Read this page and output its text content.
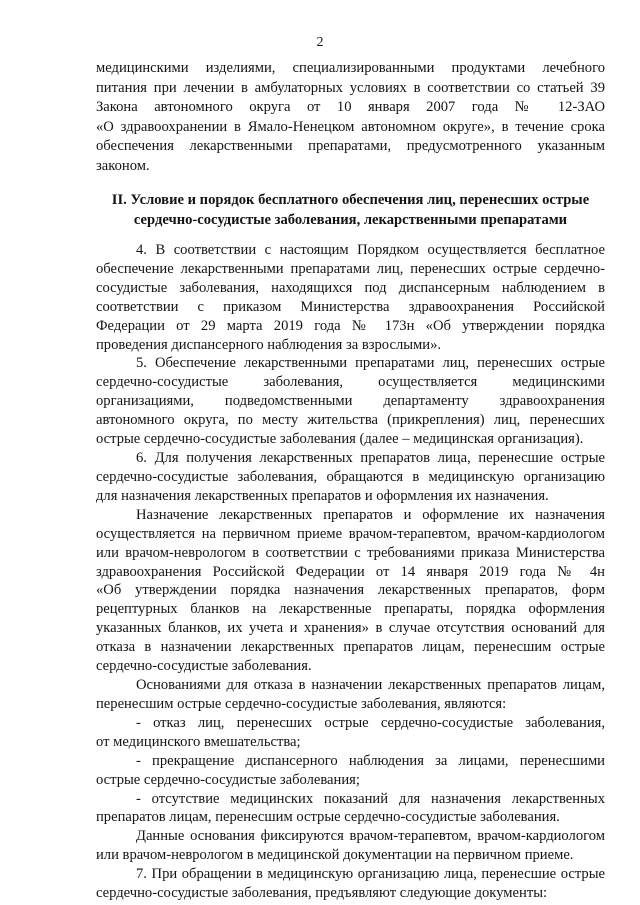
2
медицинскими изделиями, специализированными продуктами лечебного
питания при лечении в амбулаторных условиях в соответствии со статьей 39
Закона автономного округа от 10 января 2007 года № 12-ЗАО
«О здравоохранении в Ямало-Ненецком автономном округе», в течение срока
обеспечения лекарственными препаратами, предусмотренного указанным
законом.
II. Условие и порядок бесплатного обеспечения лиц, перенесших острые
сердечно-сосудистые заболевания, лекарственными препаратами
4. В соответствии с настоящим Порядком осуществляется бесплатное
обеспечение лекарственными препаратами лиц, перенесших острые сердечно-
сосудистые заболевания, находящихся под диспансерным наблюдением в
соответствии с приказом Министерства здравоохранения Российской
Федерации от 29 марта 2019 года № 173н «Об утверждении порядка
проведения диспансерного наблюдения за взрослыми».
5. Обеспечение лекарственными препаратами лиц, перенесших острые
сердечно-сосудистые заболевания, осуществляется медицинскими
организациями, подведомственными департаменту здравоохранения
автономного округа, по месту жительства (прикрепления) лиц, перенесших
острые сердечно-сосудистые заболевания (далее – медицинская организация).
6. Для получения лекарственных препаратов лица, перенесшие острые
сердечно-сосудистые заболевания, обращаются в медицинскую организацию
для назначения лекарственных препаратов и оформления их назначения.
Назначение лекарственных препаратов и оформление их назначения
осуществляется на первичном приеме врачом-терапевтом, врачом-кардиологом
или врачом-неврологом в соответствии с требованиями приказа Министерства
здравоохранения Российской Федерации от 14 января 2019 года № 4н
«Об утверждении порядка назначения лекарственных препаратов, форм
рецептурных бланков на лекарственные препараты, порядка оформления
указанных бланков, их учета и хранения» в случае отсутствия оснований для
отказа в назначении лекарственных препаратов лицам, перенесшим острые
сердечно-сосудистые заболевания.
Основаниями для отказа в назначении лекарственных препаратов лицам,
перенесшим острые сердечно-сосудистые заболевания, являются:
- отказ лиц, перенесших острые сердечно-сосудистые заболевания,
от медицинского вмешательства;
- прекращение диспансерного наблюдения за лицами, перенесшими
острые сердечно-сосудистые заболевания;
- отсутствие медицинских показаний для назначения лекарственных
препаратов лицам, перенесшим острые сердечно-сосудистые заболевания.
Данные основания фиксируются врачом-терапевтом, врачом-кардиологом
или врачом-неврологом в медицинской документации на первичном приеме.
7. При обращении в медицинскую организацию лица, перенесшие острые
сердечно-сосудистые заболевания, предъявляют следующие документы:
